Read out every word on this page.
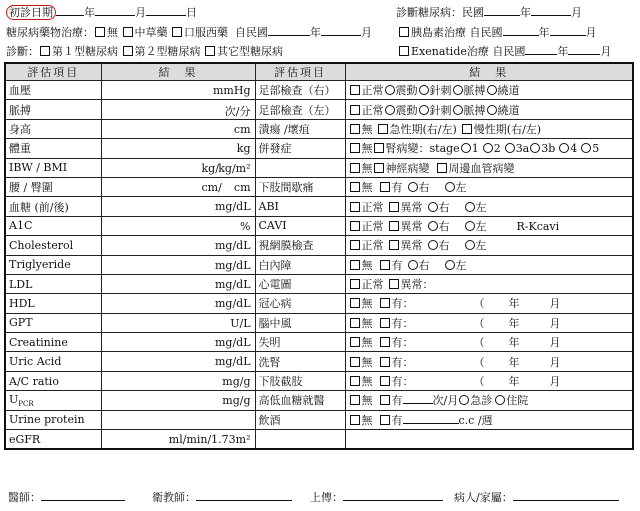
初診日期	年	月	日	診斷糖尿病：民國	年	月
糖尿病藥物治療： 無 中草藥 口服西藥 自民國	年	月	胰島素治療 自民國	年	月
診斷： 第１型糖尿病 第２型糖尿病 其它型糖尿病	Exenatide治療 自民國	年	月
評估項目	結　果	評估項目	結　果
血壓	mmHg	足部檢查（右）	正常 震動 針刺 脈搏 繞道
脈搏	次/分	足部檢查（左）	正常 震動 針刺 脈搏 繞道
身高	cm	潰瘍 /壞疽	無 急性期(右/左) 慢性期(右/左)
體重	kg	併發症	無 腎病變：stage 1 2 3a 3b 4 5
IBW / BMI	kg/ kg/m²		無 神經病變 周邊血管病變
腰 / 臀圍	cm/ cm	下肢間歇痛	無 有 右 左
血糖 (前/後)	mg/dL	ABI	正常 異常 右 左
A1C	%	CAVI	正常 異常 右 左 R-Kcavi
Cholesterol	mg/dL	視網膜檢查	正常 異常 右 左
Triglyeride	mg/dL	白內障	無 有 右 左
LDL	mg/dL	心電圖	正常 異常：
HDL	mg/dL	冠心病	無 有： （ 年 月
GPT	U/L	腦中風	無 有： （ 年 月
Creatinine	mg/dL	失明	無 有： （ 年 月
Uric Acid	mg/dL	洗腎	無 有： （ 年 月
A/C ratio	mg/g	下肢截肢	無 有： （ 年 月
$U_{PCR}$	mg/g	高低血糖就醫	無 有 次/月 急診 住院
Urine protein		飲酒	無 有 c.c /週
eGFR	ml/min/1.73m²		

醫師：	衛教師：	上傳：	病人/家屬：
